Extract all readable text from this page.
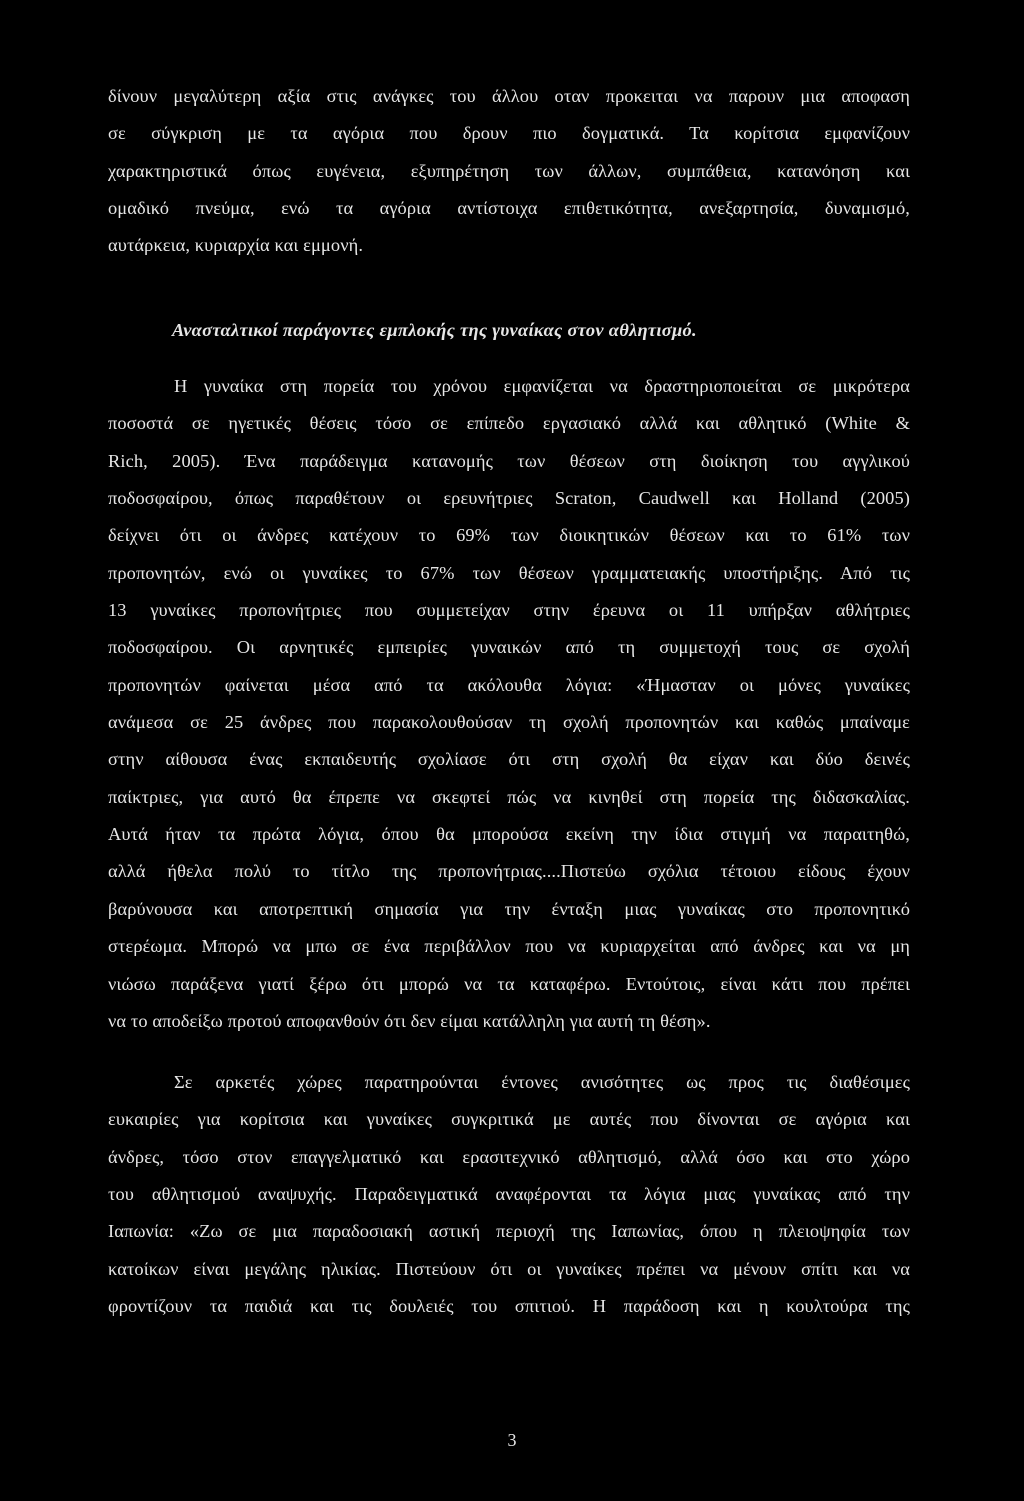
δίνουν μεγαλύτερη αξία στις ανάγκες του άλλου οταν προκειται να παρουν μια αποφαση
σε σύγκριση με τα αγόρια που δρουν πιο δογματικά. Τα κορίτσια εμφανίζουν
χαρακτηριστικά όπως ευγένεια, εξυπηρέτηση των άλλων, συμπάθεια, κατανόηση και
ομαδικό πνεύμα, ενώ τα αγόρια αντίστοιχα επιθετικότητα, ανεξαρτησία, δυναμισμό,
αυτάρκεια, κυριαρχία και εμμονή.
Ανασταλτικοί παράγοντες εμπλοκής της γυναίκας στον αθλητισμό.
Η γυναίκα στη πορεία του χρόνου εμφανίζεται να δραστηριοποιείται σε μικρότερα
ποσοστά σε ηγετικές θέσεις τόσο σε επίπεδο εργασιακό αλλά και αθλητικό (White &
Rich, 2005). Ένα παράδειγμα κατανομής των θέσεων στη διοίκηση του αγγλικού
ποδοσφαίρου, όπως παραθέτουν οι ερευνήτριες Scraton, Caudwell και Holland (2005)
δείχνει ότι οι άνδρες κατέχουν το 69% των διοικητικών θέσεων και το 61% των
προπονητών, ενώ οι γυναίκες το 67% των θέσεων γραμματειακής υποστήριξης. Από τις
13 γυναίκες προπονήτριες που συμμετείχαν στην έρευνα οι 11 υπήρξαν αθλήτριες
ποδοσφαίρου. Οι αρνητικές εμπειρίες γυναικών από τη συμμετοχή τους σε σχολή
προπονητών φαίνεται μέσα από τα ακόλουθα λόγια: «Ήμασταν οι μόνες γυναίκες
ανάμεσα σε 25 άνδρες που παρακολουθούσαν τη σχολή προπονητών και καθώς μπαίναμε
στην αίθουσα ένας εκπαιδευτής σχολίασε ότι στη σχολή θα είχαν και δύο δεινές
παίκτριες, για αυτό θα έπρεπε να σκεφτεί πώς να κινηθεί στη πορεία της διδασκαλίας.
Αυτά ήταν τα πρώτα λόγια, όπου θα μπορούσα εκείνη την ίδια στιγμή να παραιτηθώ,
αλλά ήθελα πολύ το τίτλο της προπονήτριας....Πιστεύω σχόλια τέτοιου είδους έχουν
βαρύνουσα και αποτρεπτική σημασία για την ένταξη μιας γυναίκας στο προπονητικό
στερέωμα. Μπορώ να μπω σε ένα περιβάλλον που να κυριαρχείται από άνδρες και να μη
νιώσω παράξενα γιατί ξέρω ότι μπορώ να τα καταφέρω. Εντούτοις, είναι κάτι που πρέπει
να το αποδείξω προτού αποφανθούν ότι δεν είμαι κατάλληλη για αυτή τη θέση».
Σε αρκετές χώρες παρατηρούνται έντονες ανισότητες ως προς τις διαθέσιμες
ευκαιρίες για κορίτσια και γυναίκες συγκριτικά με αυτές που δίνονται σε αγόρια και
άνδρες, τόσο στον επαγγελματικό και ερασιτεχνικό αθλητισμό, αλλά όσο και στο χώρο
του αθλητισμού αναψυχής. Παραδειγματικά αναφέρονται τα λόγια μιας γυναίκας από την
Ιαπωνία: «Ζω σε μια παραδοσιακή αστική περιοχή της Ιαπωνίας, όπου η πλειοψηφία των
κατοίκων είναι μεγάλης ηλικίας. Πιστεύουν ότι οι γυναίκες πρέπει να μένουν σπίτι και να
φροντίζουν τα παιδιά και τις δουλειές του σπιτιού. Η παράδοση και η κουλτούρα της
3
